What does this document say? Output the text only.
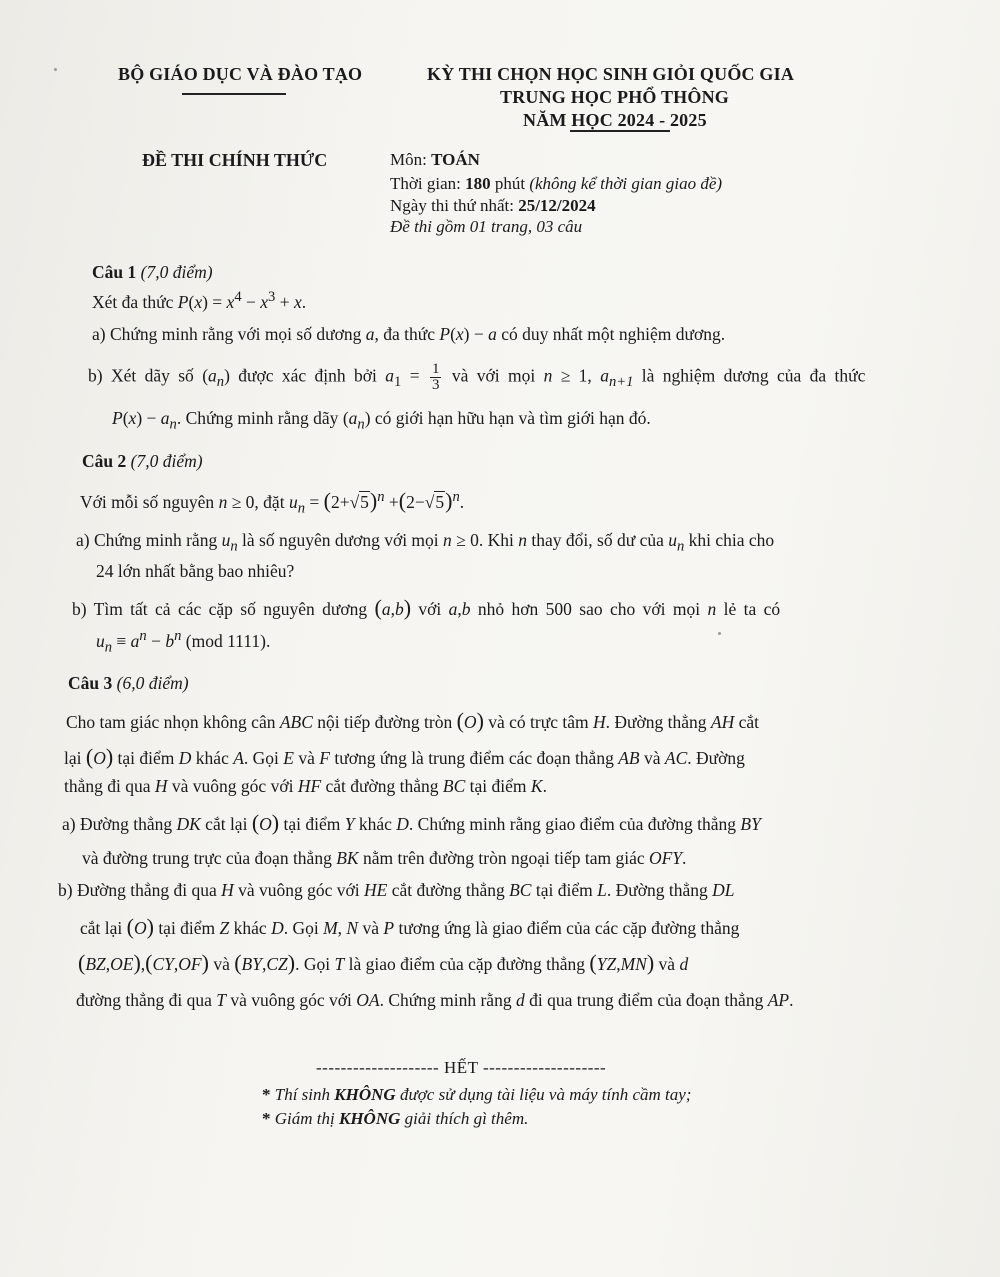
BỘ GIÁO DỤC VÀ ĐÀO TẠO	KỲ THI CHỌN HỌC SINH GIỎI QUỐC GIA
TRUNG HỌC PHỔ THÔNG
NĂM HỌC 2024 - 2025
ĐỀ THI CHÍNH THỨC	Môn: TOÁN
Thời gian: 180 phút (không kể thời gian giao đề)
Ngày thi thứ nhất: 25/12/2024
Đề thi gồm 01 trang, 03 câu
Câu 1 (7,0 điểm)
Xét đa thức $P(x) = x^4 - x^3 + x$.
a) Chứng minh rằng với mọi số dương a, đa thức P(x) − a có duy nhất một nghiệm dương.
b) Xét dãy số $(a_n)$ được xác định bởi $a_1 = \frac{1}{3}$ và với mọi n ≥ 1, $a_{n+1}$ là nghiệm dương của đa thức
$P(x) - a_n$. Chứng minh rằng dãy $(a_n)$ có giới hạn hữu hạn và tìm giới hạn đó.
Câu 2 (7,0 điểm)
Với mỗi số nguyên n ≥ 0, đặt $u_n = (2+√5)^n +(2-√5)^n$.
a) Chứng minh rằng $u_n$ là số nguyên dương với mọi n ≥ 0. Khi n thay đổi, số dư của $u_n$ khi chia cho
24 lớn nhất bằng bao nhiêu?
b) Tìm tất cả các cặp số nguyên dương (a,b) với a,b nhỏ hơn 500 sao cho với mọi n lẻ ta có
$u_n \equiv a^n - b^n$ (mod 1111).
Câu 3 (6,0 điểm)
Cho tam giác nhọn không cân ABC nội tiếp đường tròn (O) và có trực tâm H. Đường thẳng AH cắt
lại (O) tại điểm D khác A. Gọi E và F tương ứng là trung điểm các đoạn thẳng AB và AC. Đường
thẳng đi qua H và vuông góc với HF cắt đường thẳng BC tại điểm K.
a) Đường thẳng DK cắt lại (O) tại điểm Y khác D. Chứng minh rằng giao điểm của đường thẳng BY
và đường trung trực của đoạn thẳng BK nằm trên đường tròn ngoại tiếp tam giác OFY.
b) Đường thẳng đi qua H và vuông góc với HE cắt đường thẳng BC tại điểm L. Đường thẳng DL
cắt lại (O) tại điểm Z khác D. Gọi M, N và P tương ứng là giao điểm của các cặp đường thẳng
(BZ,OE),(CY,OF) và (BY,CZ). Gọi T là giao điểm của cặp đường thẳng (YZ,MN) và d
đường thẳng đi qua T và vuông góc với OA. Chứng minh rằng d đi qua trung điểm của đoạn thẳng AP.
-------------------- HẾT --------------------
* Thí sinh KHÔNG được sử dụng tài liệu và máy tính cầm tay;
* Giám thị KHÔNG giải thích gì thêm.
